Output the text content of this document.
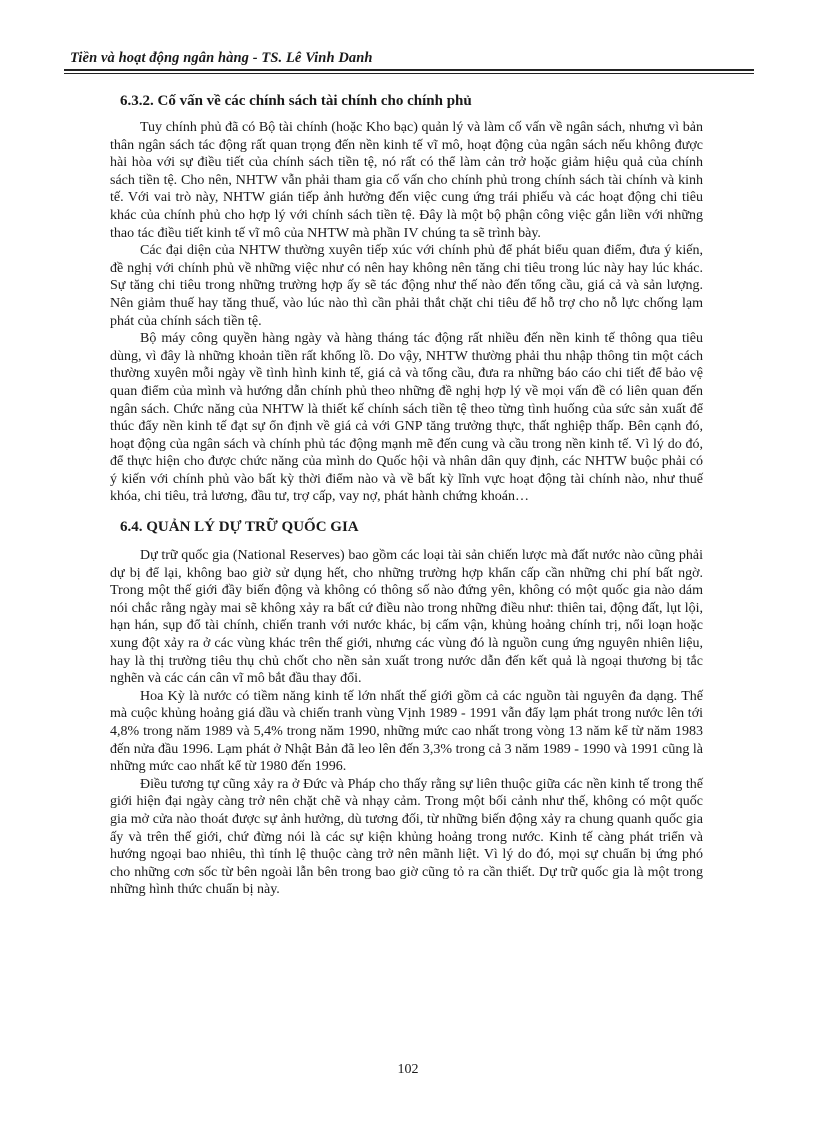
Tiền và hoạt động ngân hàng - TS. Lê Vinh Danh
6.3.2. Cố vấn về các chính sách tài chính cho chính phủ

Tuy chính phủ đã có Bộ tài chính (hoặc Kho bạc) quản lý và làm cố vấn về ngân sách, nhưng vì bản thân ngân sách tác động rất quan trọng đến nền kinh tế vĩ mô, hoạt động của ngân sách nếu không được hài hòa với sự điều tiết của chính sách tiền tệ, nó rất có thể làm cản trở hoặc giảm hiệu quả của chính sách tiền tệ. Cho nên, NHTW vẫn phải tham gia cố vấn cho chính phủ trong chính sách tài chính và kinh tế. Với vai trò này, NHTW gián tiếp ảnh hưởng đến việc cung ứng trái phiếu và các hoạt động chi tiêu khác của chính phủ cho hợp lý với chính sách tiền tệ. Đây là một bộ phận công việc gắn liền với những thao tác điều tiết kinh tế vĩ mô của NHTW mà phần IV chúng ta sẽ trình bày.

Các đại diện của NHTW thường xuyên tiếp xúc với chính phủ để phát biểu quan điểm, đưa ý kiến, đề nghị với chính phủ về những việc như có nên hay không nên tăng chi tiêu trong lúc này hay lúc khác. Sự tăng chi tiêu trong những trường hợp ấy sẽ tác động như thế nào đến tổng cầu, giá cả và sản lượng. Nên giảm thuế hay tăng thuế, vào lúc nào thì cần phải thắt chặt chi tiêu để hỗ trợ cho nỗ lực chống lạm phát của chính sách tiền tệ.

Bộ máy công quyền hàng ngày và hàng tháng tác động rất nhiều đến nền kinh tế thông qua tiêu dùng, vì đây là những khoản tiền rất khổng lồ. Do vậy, NHTW thường phải thu nhập thông tin một cách thường xuyên mỗi ngày về tình hình kinh tế, giá cả và tổng cầu, đưa ra những báo cáo chi tiết để bảo vệ quan điểm của mình và hướng dẫn chính phủ theo những đề nghị hợp lý về mọi vấn đề có liên quan đến ngân sách. Chức năng của NHTW là thiết kế chính sách tiền tệ theo từng tình huống của sức sản xuất để thúc đẩy nền kinh tế đạt sự ổn định về giá cả với GNP tăng trưởng thực, thất nghiệp thấp. Bên cạnh đó, hoạt động của ngân sách và chính phủ tác động mạnh mẽ đến cung và cầu trong nền kinh tế. Vì lý do đó, để thực hiện cho được chức năng của mình do Quốc hội và nhân dân quy định, các NHTW buộc phải có ý kiến với chính phủ vào bất kỳ thời điểm nào và về bất kỳ lĩnh vực hoạt động tài chính nào, như thuế khóa, chi tiêu, trả lương, đầu tư, trợ cấp, vay nợ, phát hành chứng khoán…

6.4. QUẢN LÝ DỰ TRỮ QUỐC GIA

Dự trữ quốc gia (National Reserves) bao gồm các loại tài sản chiến lược mà đất nước nào cũng phải dự bị để lại, không bao giờ sử dụng hết, cho những trường hợp khẩn cấp cần những chi phí bất ngờ. Trong một thế giới đầy biến động và không có thông số nào đứng yên, không có một quốc gia nào dám nói chắc rằng ngày mai sẽ không xảy ra bất cứ điều nào trong những điều như: thiên tai, động đất, lụt lội, hạn hán, sụp đổ tài chính, chiến tranh với nước khác, bị cấm vận, khủng hoảng chính trị, nổi loạn hoặc xung đột xảy ra ở các vùng khác trên thế giới, nhưng các vùng đó là nguồn cung ứng nguyên nhiên liệu, hay là thị trường tiêu thụ chủ chốt cho nền sản xuất trong nước dẫn đến kết quả là ngoại thương bị tắc nghẽn và các cán cân vĩ mô bắt đầu thay đổi.

Hoa Kỳ là nước có tiềm năng kinh tế lớn nhất thế giới gồm cả các nguồn tài nguyên đa dạng. Thế mà cuộc khủng hoảng giá dầu và chiến tranh vùng Vịnh 1989 - 1991 vẫn đẩy lạm phát trong nước lên tới 4,8% trong năm 1989 và 5,4% trong năm 1990, những mức cao nhất trong vòng 13 năm kể từ năm 1983 đến nửa đầu 1996. Lạm phát ở Nhật Bản đã leo lên đến 3,3% trong cả 3 năm 1989 - 1990 và 1991 cũng là những mức cao nhất kể từ 1980 đến 1996.

Điều tương tự cũng xảy ra ở Đức và Pháp cho thấy rằng sự liên thuộc giữa các nền kinh tế trong thế giới hiện đại ngày càng trở nên chặt chẽ và nhạy cảm. Trong một bối cảnh như thế, không có một quốc gia mở cửa nào thoát được sự ảnh hưởng, dù tương đối, từ những biến động xảy ra chung quanh quốc gia ấy và trên thế giới, chứ đừng nói là các sự kiện khủng hoảng trong nước. Kinh tế càng phát triển và hướng ngoại bao nhiêu, thì tính lệ thuộc càng trở nên mãnh liệt. Vì lý do đó, mọi sự chuẩn bị ứng phó cho những cơn sốc từ bên ngoài lẫn bên trong bao giờ cũng tỏ ra cần thiết. Dự trữ quốc gia là một trong những hình thức chuẩn bị này.

102
